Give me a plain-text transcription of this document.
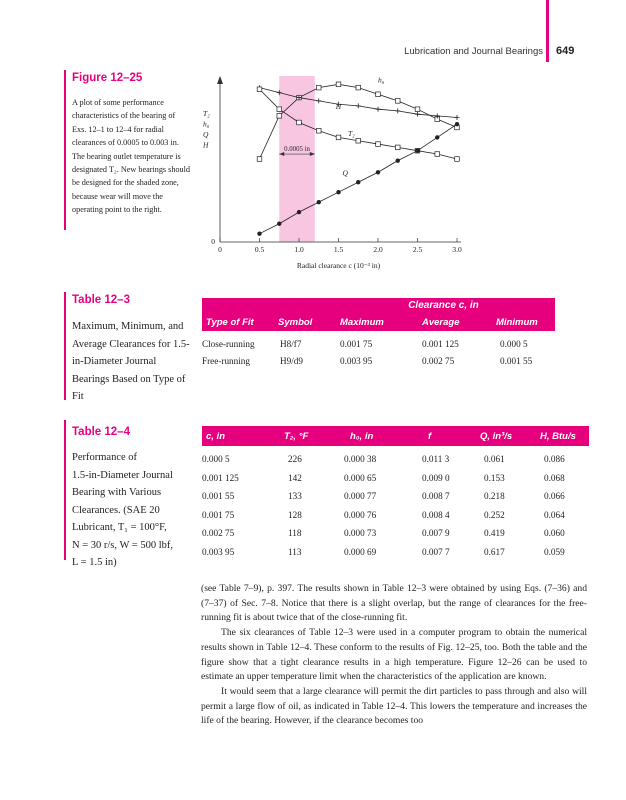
Lubrication and Journal Bearings 649
Figure 12–25
A plot of some performance characteristics of the bearing of Exs. 12–1 to 12–4 for radial clearances of 0.0005 to 0.003 in. The bearing outlet temperature is designated T₂. New bearings should be designed for the shaded zone, because wear will move the operating point to the right.
0	0.5	1.0	1.5	2.0	2.5	3.0
0
Radial clearance c (10⁻³ in)
T₂
h₀
Q
H
0.0005 in
h₀
H
T₂
Q
Table 12–3
Maximum, Minimum, and Average Clearances for 1.5-in-Diameter Journal Bearings Based on Type of Fit
		Clearance c, in		
Type of Fit	Symbol	Maximum	Average	Minimum
Close-running	H8/f7	0.001 75	0.001 125	0.000 5
Free-running	H9/d9	0.003 95	0.002 75	0.001 55
Table 12–4
Performance of
1.5-in-Diameter Journal
Bearing with Various
Clearances. (SAE 20
Lubricant, T₁ = 100°F,
N = 30 r/s, W = 500 lbf,
L = 1.5 in)
c, in	T₂, °F	h₀, in	f	Q, in³/s	H, Btu/s
0.000 5	226	0.000 38	0.011 3	0.061	0.086
0.001 125	142	0.000 65	0.009 0	0.153	0.068
0.001 55	133	0.000 77	0.008 7	0.218	0.066
0.001 75	128	0.000 76	0.008 4	0.252	0.064
0.002 75	118	0.000 73	0.007 9	0.419	0.060
0.003 95	113	0.000 69	0.007 7	0.617	0.059

(see Table 7–9), p. 397. The results shown in Table 12–3 were obtained by using Eqs. (7–36) and (7–37) of Sec. 7–8. Notice that there is a slight overlap, but the range of clearances for the free-running fit is about twice that of the close-running fit.

The six clearances of Table 12–3 were used in a computer program to obtain the numerical results shown in Table 12–4. These conform to the results of Fig. 12–25, too. Both the table and the figure show that a tight clearance results in a high temperature. Figure 12–26 can be used to estimate an upper temperature limit when the characteristics of the application are known.

It would seem that a large clearance will permit the dirt particles to pass through and also will permit a large flow of oil, as indicated in Table 12–4. This lowers the temperature and increases the life of the bearing. However, if the clearance becomes too
